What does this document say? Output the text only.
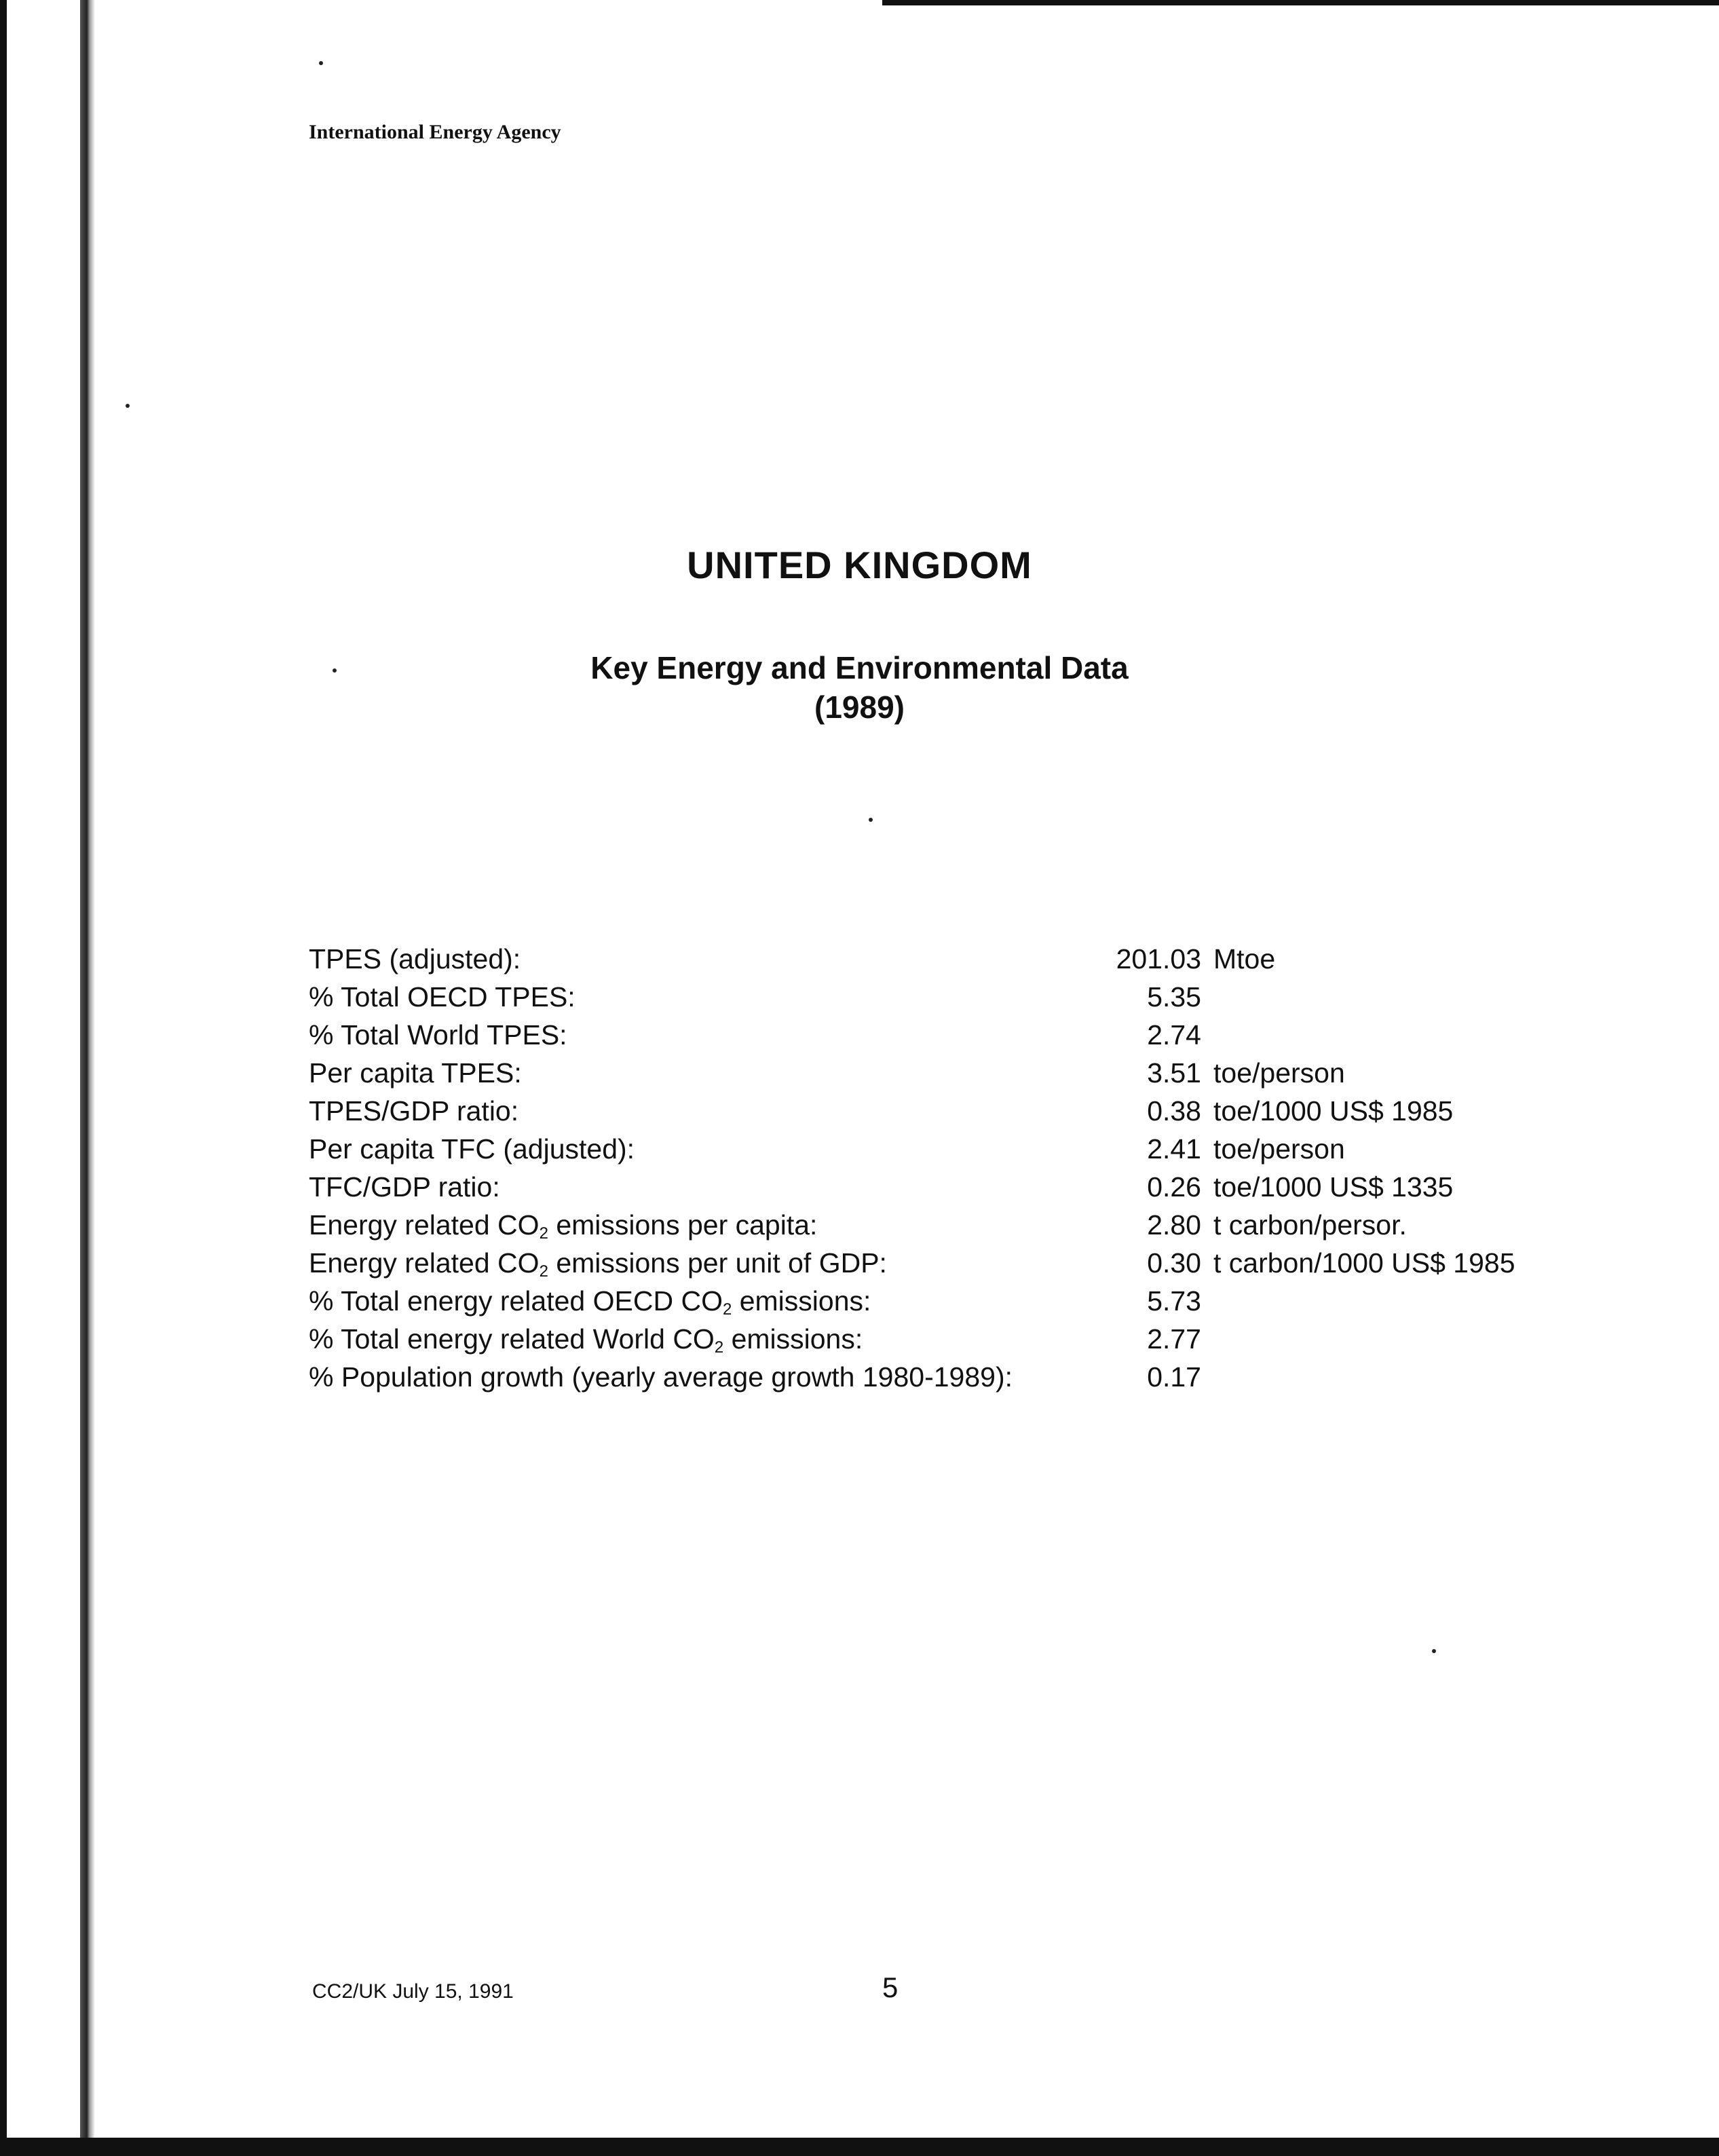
International Energy Agency
UNITED KINGDOM
Key Energy and Environmental Data
(1989)
TPES (adjusted):	201.03 Mtoe
% Total OECD TPES:	5.35
% Total World TPES:	2.74
Per capita TPES:	3.51 toe/person
TPES/GDP ratio:	0.38 toe/1000 US$ 1985
Per capita TFC (adjusted):	2.41 toe/person
TFC/GDP ratio:	0.26 toe/1000 US$ 1335
Energy related $CO_2$ emissions per capita:	2.80 t carbon/persor.
Energy related $CO_2$ emissions per unit of GDP:	0.30 t carbon/1000 US$ 1985
% Total energy related OECD $CO_2$ emissions:	5.73
% Total energy related World $CO_2$ emissions:	2.77
% Population growth (yearly average growth 1980-1989):	0.17
CC2/UK July 15, 1991	5
